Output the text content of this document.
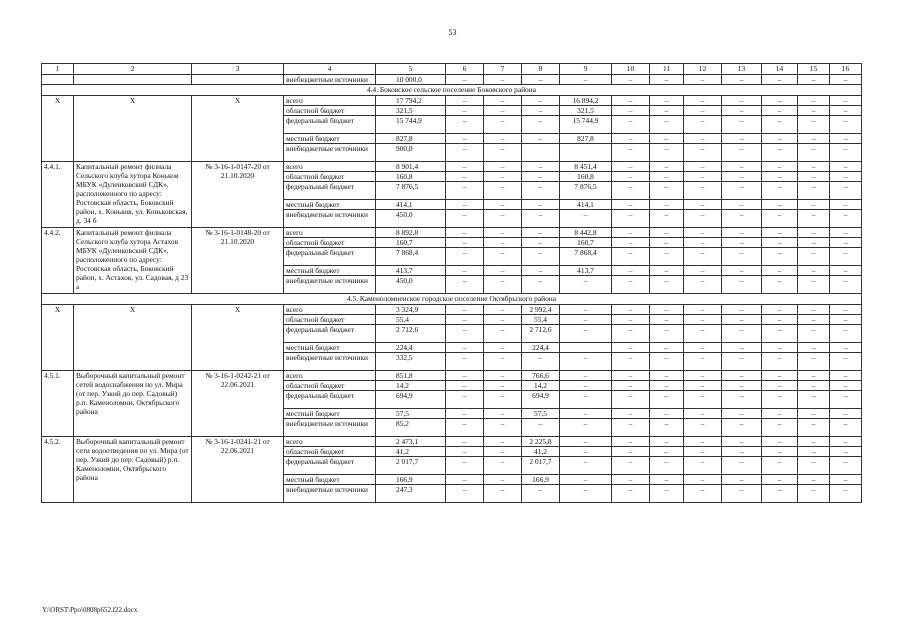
53
1	2	3	4	5	6	7	8	9	10	11	12	13	14	15	16
			внебюджетные источники	10 000,0	–	–	–	–	–	–	–	–	–	–	–
4.4. Боковское сельское поселение Боковского района															
Х	Х	Х	всего	17 794,2	–	–	–	16 894,2	–	–	–	–	–	–	–
			областной бюджет	321,5	–	–	–	321,5	–	–	–	–	–	–	–
			федеральный бюджет	15 744,9	–	–	–	15 744,9	–	–	–	–	–	–	–
			местный бюджет	827,8	–	–	–	827,8	–	–	–	–	–	–	–
			внебюджетные источники	900,0	–	–			–	–	–	–	–	–	–
4.4.1.	Капитальный ремонт филиала Сельского клуба хутора Коньков МБУК «Дуленковский СДК», расположенного по адресу: Ростовская область, Боковский район, х. Коньков, ул. Коньковская, д. 34 б	№ 3-16-1-0147-20 от 21.10.2020	всего	8 901,4	–	–	–	8 451,4	–	–	–	–	–	–	–
			областной бюджет	160,8	–	–	–	160,8	–	–	–	–	–	–	–
			федеральный бюджет	7 876,5	–	–	–	7 876,5	–	–	–	–	–	–	–
			местный бюджет	414,1	–	–	–	414,1	–	–	–	–	–	–	–
			внебюджетные источники	450,0	–	–	–	–	–	–	–	–	–	–	–
4.4.2.	Капитальный ремонт филиала Сельского клуба хутора Астахов МБУК «Дуленковский СДК», расположенного по адресу: Ростовская область, Боковский район, х. Астахов, ул. Садовая, д 23 а	№ 3-16-1-0148-20 от 21.10.2020	всего	8 892,8	–	–	–	8 442,8	–	–	–	–	–	–	–
			областной бюджет	160,7	–	–	–	160,7	–	–	–	–	–	–	–
			федеральный бюджет	7 868,4	–	–	–	7 868,4	–	–	–	–	–	–	–
			местный бюджет	413,7	–	–	–	413,7	–	–	–	–	–	–	–
			внебюджетные источники	450,0	–	–	–	–	–	–	–	–	–	–	–
4.5. Каменоломненское городское поселение Октябрьского района															
Х	Х	Х	всего	3 324,9	–	–	2 992,4	–	–	–	–	–	–	–	–
			областной бюджет	55,4	–	–	55,4	–	–	–	–	–	–	–	–
			федеральный бюджет	2 712,6	–	–	2 712,6	–	–	–	–	–	–	–	–
			местный бюджет	224,4	–	–	224,4		–	–	–	–	–	–	–
			внебюджетные источники	332,5	–	–	–	–	–	–	–	–	–	–	–
4.5.1.	Выборочный капитальный ремонт сетей водоснабжения по ул. Мира (от пер. Узкий до пер. Садовый) р.п. Каменоломни, Октябрьского района	№ 3-16-1-0242-21 от 22.06.2021	всего	851,8	–	–	766,6	–	–	–	–	–	–	–	–
			областной бюджет	14,2	–	–	14,2	–	–	–	–	–	–	–	–
			федеральный бюджет	694,9	–	–	694,9	–	–	–	–	–	–	–	–
			местный бюджет	57,5	–	–	57,5	–	–	–	–	–	–	–	–
			внебюджетные источники	85,2	–	–	–	–	–	–	–	–	–	–	–
4.5.2.	Выборочный капитальный ремонт сети водоотведения по ул. Мира (от пер. Узкий до пер. Садовый) р.п. Каменоломни, Октябрьского района	№ 3-16-1-0241-21 от 22.06.2021	всего	2 473,1	–	–	2 225,8	–	–	–	–	–	–	–	–
			областной бюджет	41,2	–	–	41,2	–	–	–	–	–	–	–	–
			федеральный бюджет	2 017,7	–	–	2 017,7	–	–	–	–	–	–	–	–
			местный бюджет	166,9	–	–	166,9	–	–	–	–	–	–	–	–
			внебюджетные источники	247,3	–	–	–	–	–	–	–	–	–	–	–
Y:\ORST\Ppo\0808p652.f22.docx
